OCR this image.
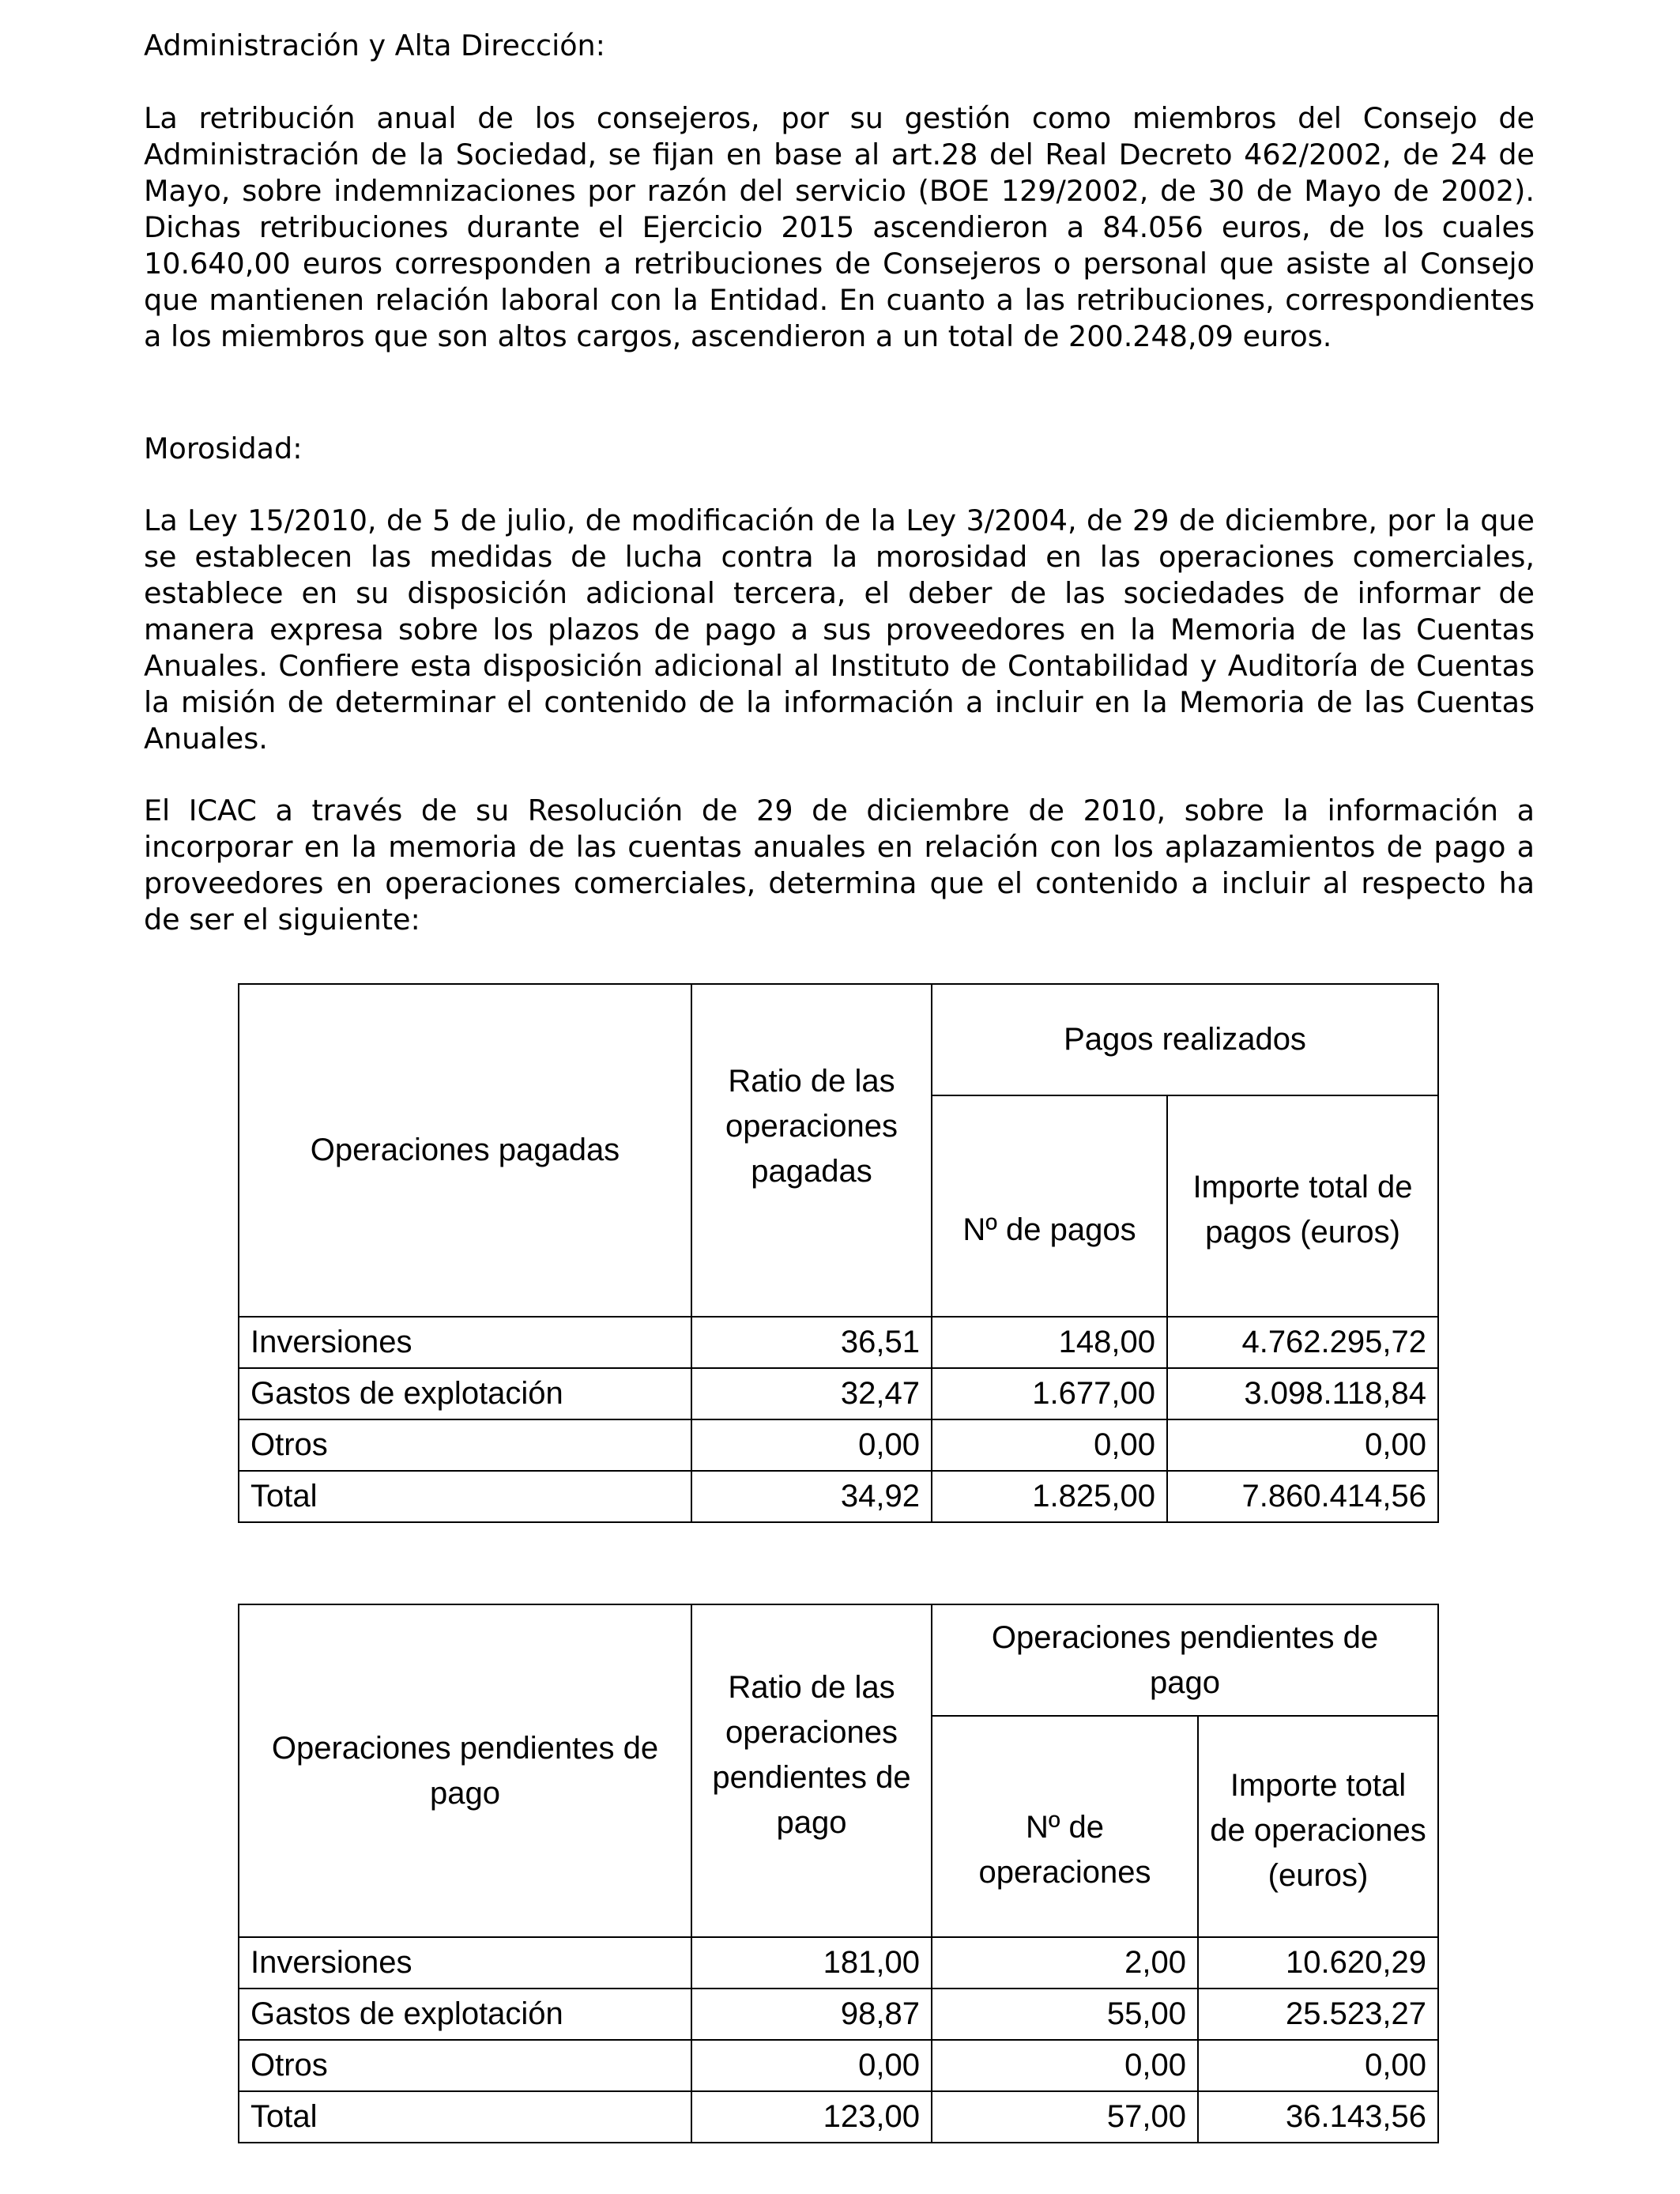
Administración y Alta Dirección:

La retribución anual de los consejeros, por su gestión como miembros del Consejo de Administración de la Sociedad, se fijan en base al art.28 del Real Decreto 462/2002, de 24 de Mayo, sobre indemnizaciones por razón del servicio (BOE 129/2002, de 30 de Mayo de 2002). Dichas retribuciones durante el Ejercicio 2015 ascendieron a 84.056 euros, de los cuales 10.640,00 euros corresponden a retribuciones de Consejeros o personal que asiste al Consejo que mantienen relación laboral con la Entidad. En cuanto a las retribuciones, correspondientes a los miembros que son altos cargos, ascendieron a un total de 200.248,09 euros.

Morosidad:

La Ley 15/2010, de 5 de julio, de modificación de la Ley 3/2004, de 29 de diciembre, por la que se establecen las medidas de lucha contra la morosidad en las operaciones comerciales, establece en su disposición adicional tercera, el deber de las sociedades de informar de manera expresa sobre los plazos de pago a sus proveedores en la Memoria de las Cuentas Anuales. Confiere esta disposición adicional al Instituto de Contabilidad y Auditoría de Cuentas la misión de determinar el contenido de la información a incluir en la Memoria de las Cuentas Anuales.

El ICAC a través de su Resolución de 29 de diciembre de 2010, sobre la información a incorporar en la memoria de las cuentas anuales en relación con los aplazamientos de pago a proveedores en operaciones comerciales, determina que el contenido a incluir al respecto ha de ser el siguiente:

Operaciones pagadas	Ratio de las operaciones pagadas	Pagos realizados	
		Nº de pagos	Importe total de pagos (euros)
Inversiones	36,51	148,00	4.762.295,72
Gastos de explotación	32,47	1.677,00	3.098.118,84
Otros	0,00	0,00	0,00
Total	34,92	1.825,00	7.860.414,56
Operaciones pendientes de pago	Ratio de las operaciones pendientes de pago	Operaciones pendientes de pago	
		Nº de operaciones	Importe total de operaciones (euros)
Inversiones	181,00	2,00	10.620,29
Gastos de explotación	98,87	55,00	25.523,27
Otros	0,00	0,00	0,00
Total	123,00	57,00	36.143,56
